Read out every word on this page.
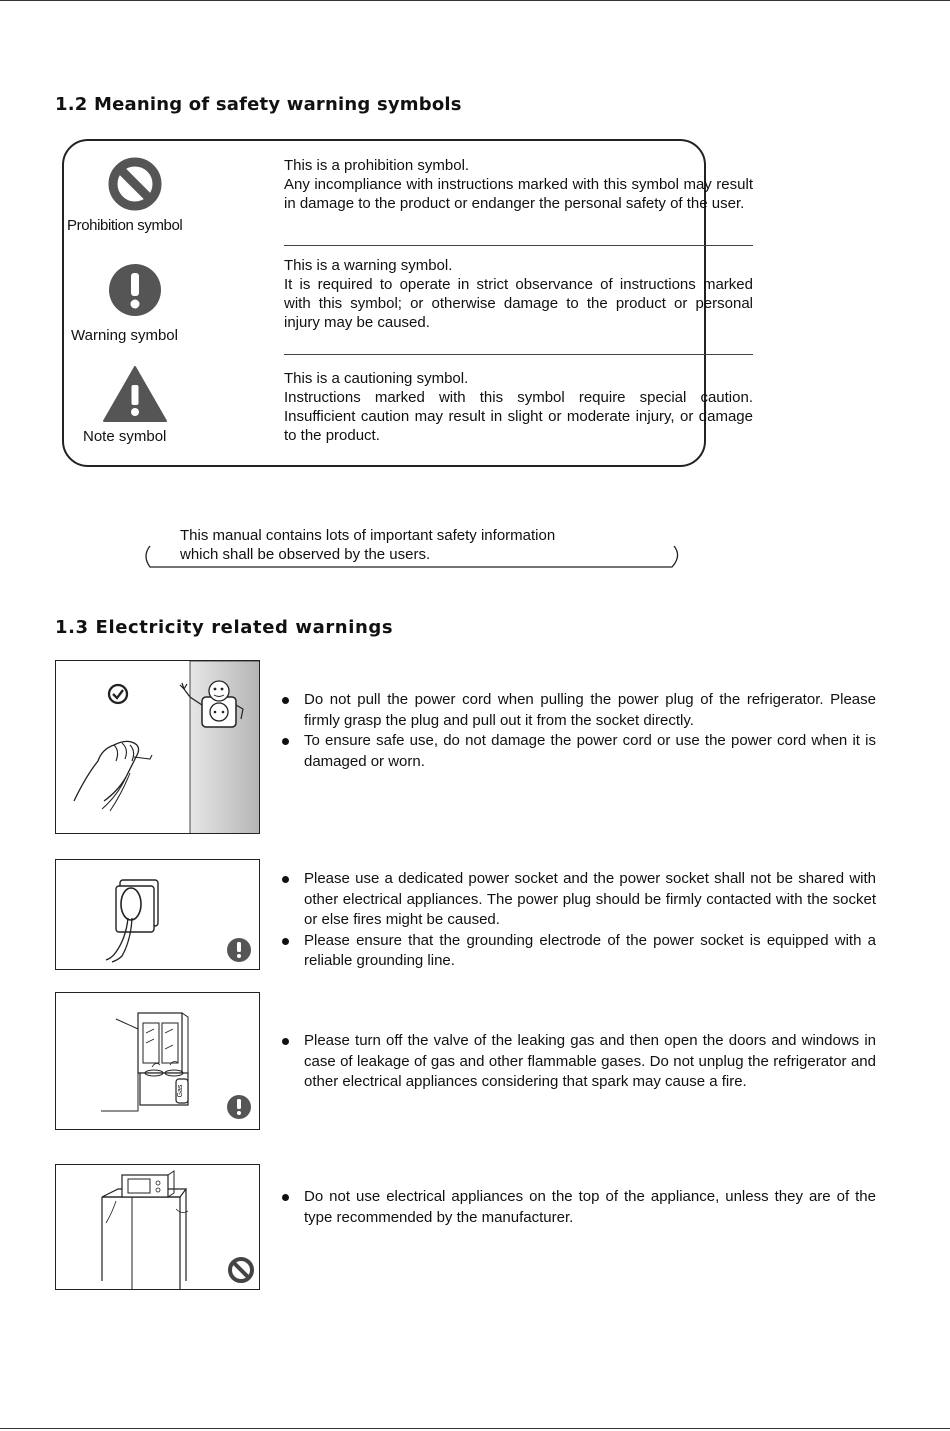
1.2 Meaning of safety warning symbols
Prohibition symbol

This is a prohibition symbol.

Any incompliance with instructions marked with this symbol may result in damage to the product or endanger the personal safety of the user.

Warning symbol

This is a warning symbol.

It is required to operate in strict observance of instructions marked with this symbol; or otherwise damage to the product or personal injury may be caused.

Note symbol

This is a cautioning symbol.

Instructions marked with this symbol require special caution. Insufficient caution may result in slight or moderate injury, or damage to the product.

This manual contains lots of important safety information
which shall be observed by the users.
1.3 Electricity related warnings
Do not pull the power cord when pulling the power plug of the refrigerator. Please firmly grasp the plug and pull out it from the socket directly.
To ensure safe use, do not damage the power cord or use the power cord when it is damaged or worn.
Please use a dedicated power socket and the power socket shall not be shared with other electrical appliances. The power plug should be firmly contacted with the socket or else fires might be caused.
Please ensure that the grounding electrode of the power socket is equipped with a reliable grounding line.
Gas
Please turn off the valve of the leaking gas and then open the doors and windows in case of leakage of gas and other flammable gases. Do not unplug the refrigerator and other electrical appliances considering that spark may cause a fire.
Do not use electrical appliances on the top of the appliance, unless they are of the type recommended by the manufacturer.
